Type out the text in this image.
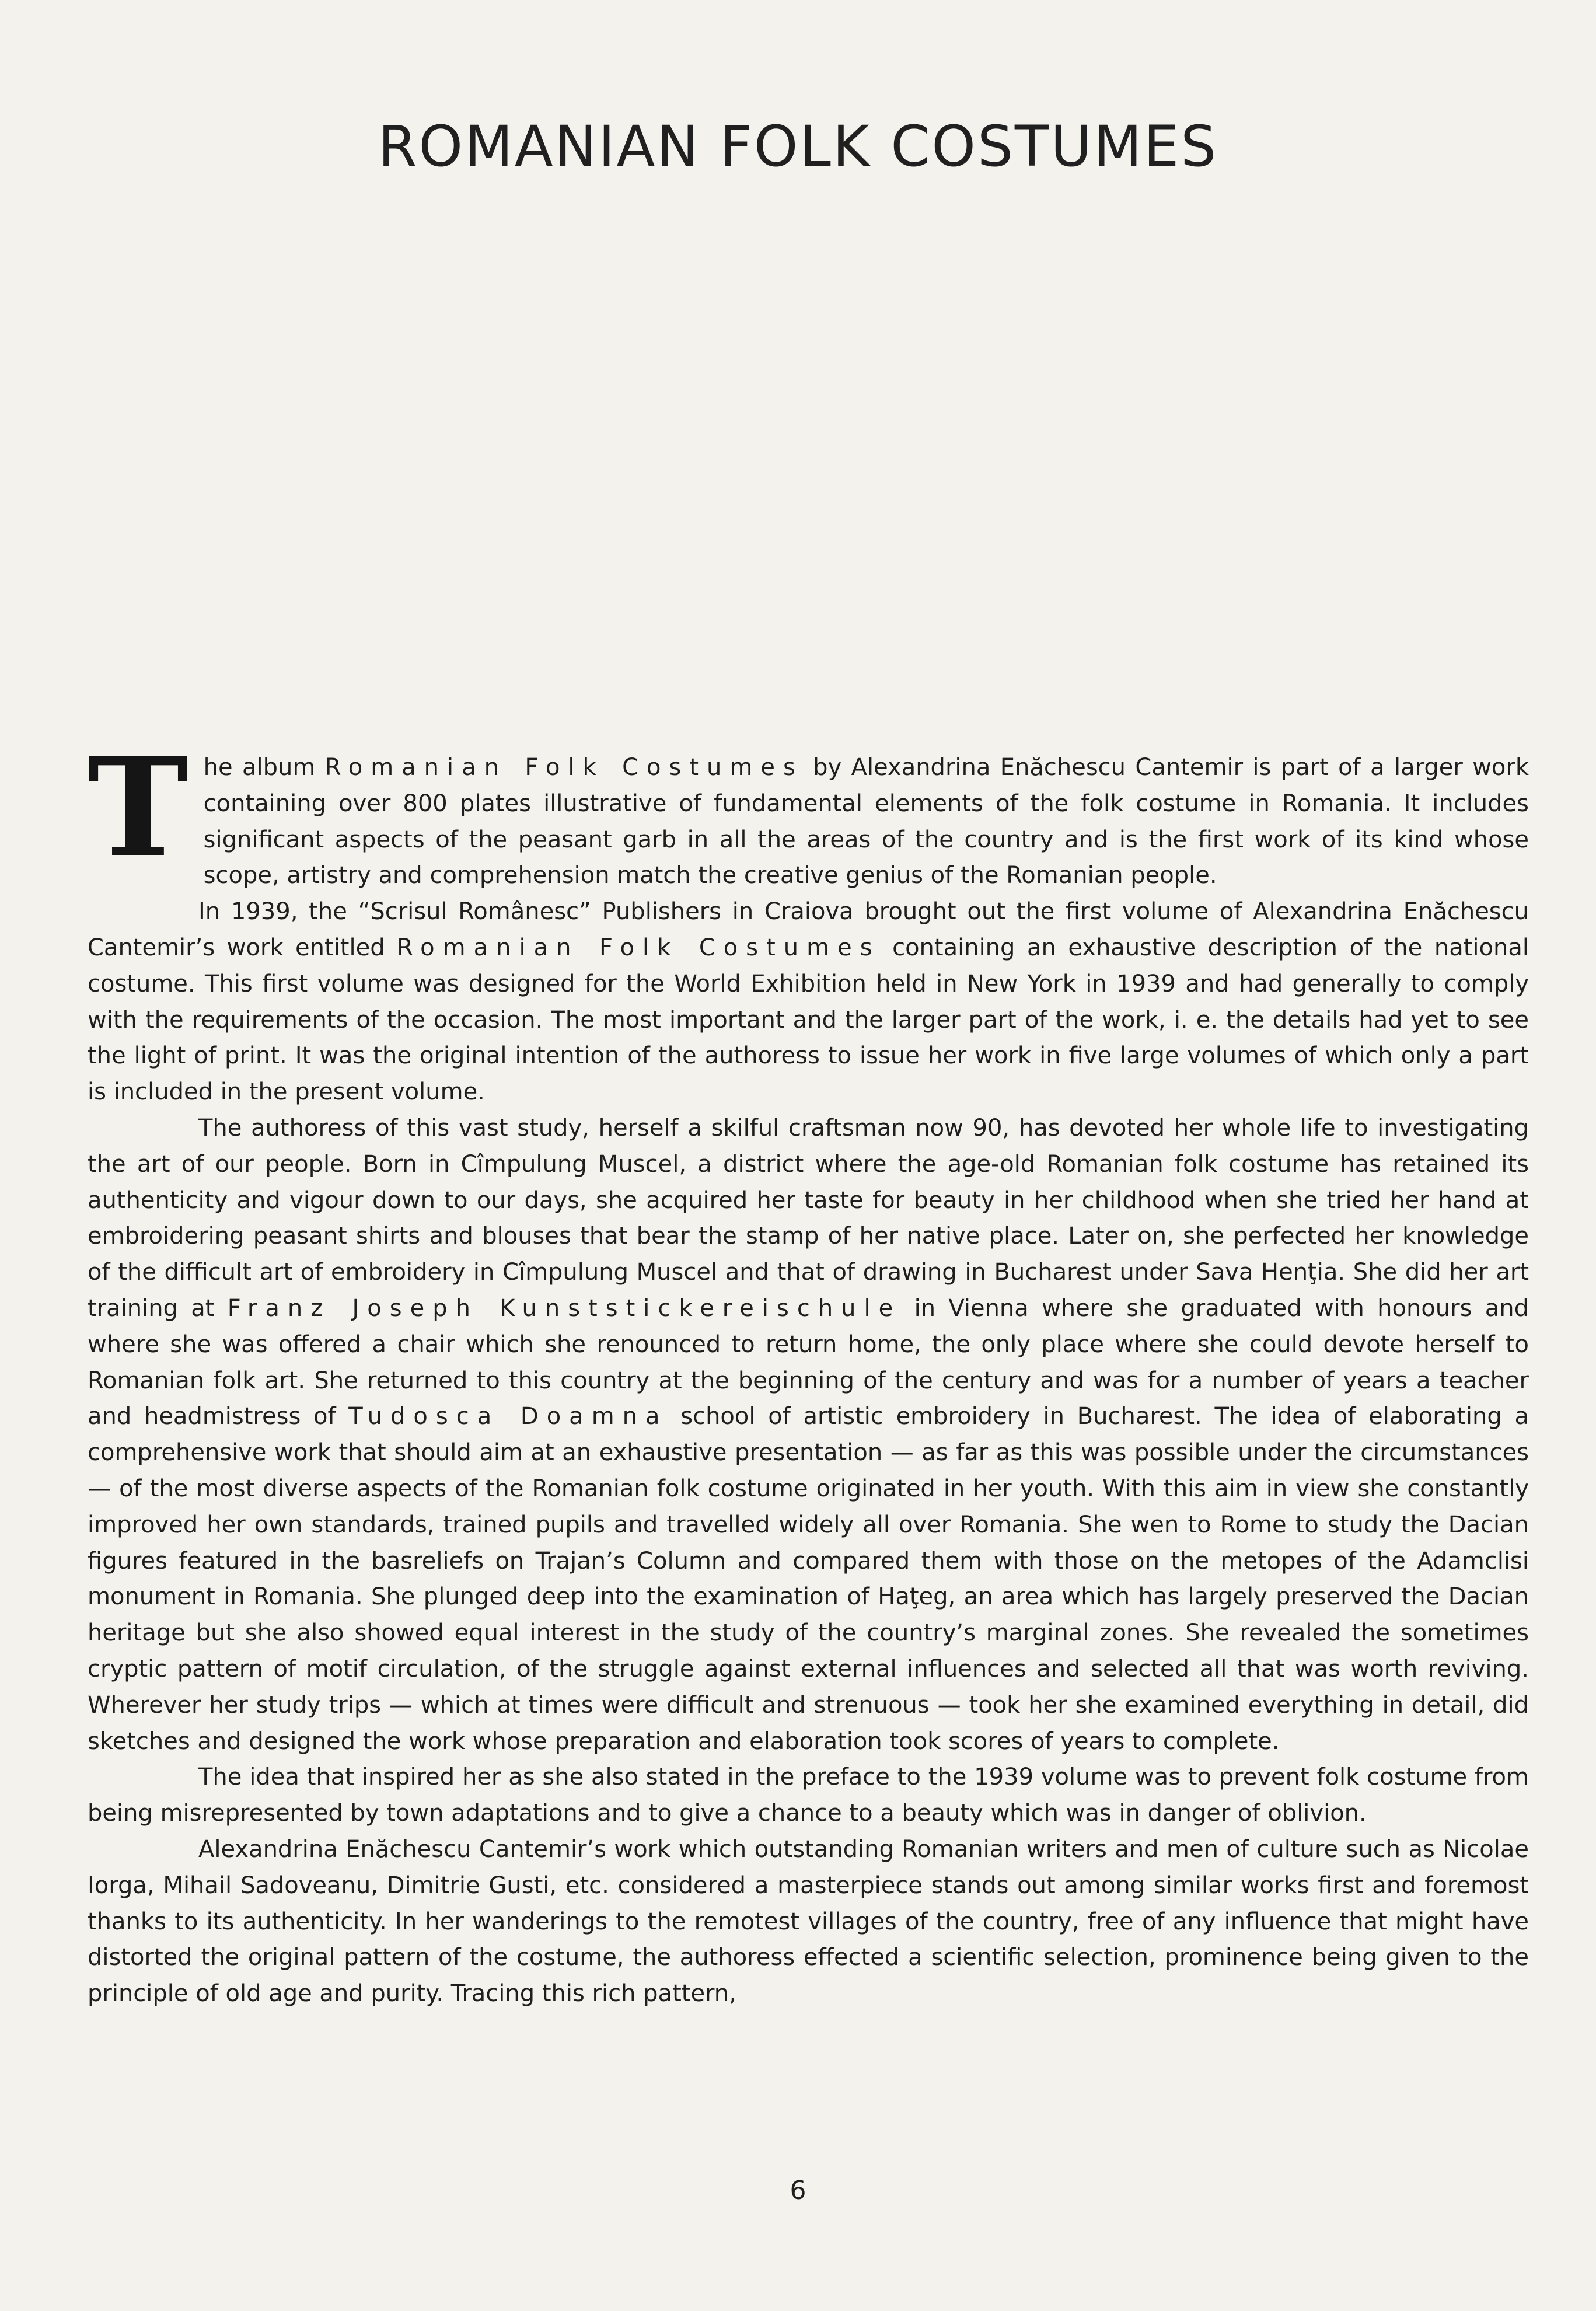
ROMANIAN FOLK COSTUMES

The album Romanian Folk Costumes by Alexandrina Enăchescu Cantemir is part of a larger work containing over 800 plates illustrative of fundamental elements of the folk costume in Romania. It includes significant aspects of the peasant garb in all the areas of the country and is the first work of its kind whose scope, artistry and comprehension match the creative genius of the Romanian people.

In 1939, the “Scrisul Românesc” Publishers in Craiova brought out the first volume of Alexandrina Enăchescu Cantemir’s work entitled Romanian Folk Costumes containing an exhaustive description of the national costume. This first volume was designed for the World Exhibition held in New York in 1939 and had generally to comply with the requirements of the occasion. The most important and the larger part of the work, i. e. the details had yet to see the light of print. It was the original intention of the authoress to issue her work in five large volumes of which only a part is included in the present volume.

The authoress of this vast study, herself a skilful craftsman now 90, has devoted her whole life to investigating the art of our people. Born in Cîmpulung Muscel, a district where the age-old Romanian folk costume has retained its authenticity and vigour down to our days, she acquired her taste for beauty in her childhood when she tried her hand at embroidering peasant shirts and blouses that bear the stamp of her native place. Later on, she perfected her knowledge of the difficult art of embroidery in Cîmpulung Muscel and that of drawing in Bucharest under Sava Henţia. She did her art training at Franz Joseph Kunststickereischule in Vienna where she graduated with honours and where she was offered a chair which she renounced to return home, the only place where she could devote herself to Romanian folk art. She returned to this country at the beginning of the century and was for a number of years a teacher and headmistress of Tudosca Doamna school of artistic embroidery in Bucharest. The idea of elaborating a comprehensive work that should aim at an exhaustive presentation — as far as this was possible under the circumstances — of the most diverse aspects of the Romanian folk costume originated in her youth. With this aim in view she constantly improved her own standards, trained pupils and travelled widely all over Romania. She wen to Rome to study the Dacian figures featured in the basreliefs on Trajan’s Column and compared them with those on the metopes of the Adamclisi monument in Romania. She plunged deep into the examination of Haţeg, an area which has largely preserved the Dacian heritage but she also showed equal interest in the study of the country’s marginal zones. She revealed the sometimes cryptic pattern of motif circulation, of the struggle against external influences and selected all that was worth reviving. Wherever her study trips — which at times were difficult and strenuous — took her she examined everything in detail, did sketches and designed the work whose preparation and elaboration took scores of years to complete.

The idea that inspired her as she also stated in the preface to the 1939 volume was to prevent folk costume from being misrepresented by town adaptations and to give a chance to a beauty which was in danger of oblivion.

Alexandrina Enăchescu Cantemir’s work which outstanding Romanian writers and men of culture such as Nicolae Iorga, Mihail Sadoveanu, Dimitrie Gusti, etc. considered a masterpiece stands out among similar works first and foremost thanks to its authenticity. In her wanderings to the remotest villages of the country, free of any influence that might have distorted the original pattern of the costume, the authoress effected a scientific selection, prominence being given to the principle of old age and purity. Tracing this rich pattern,

6
